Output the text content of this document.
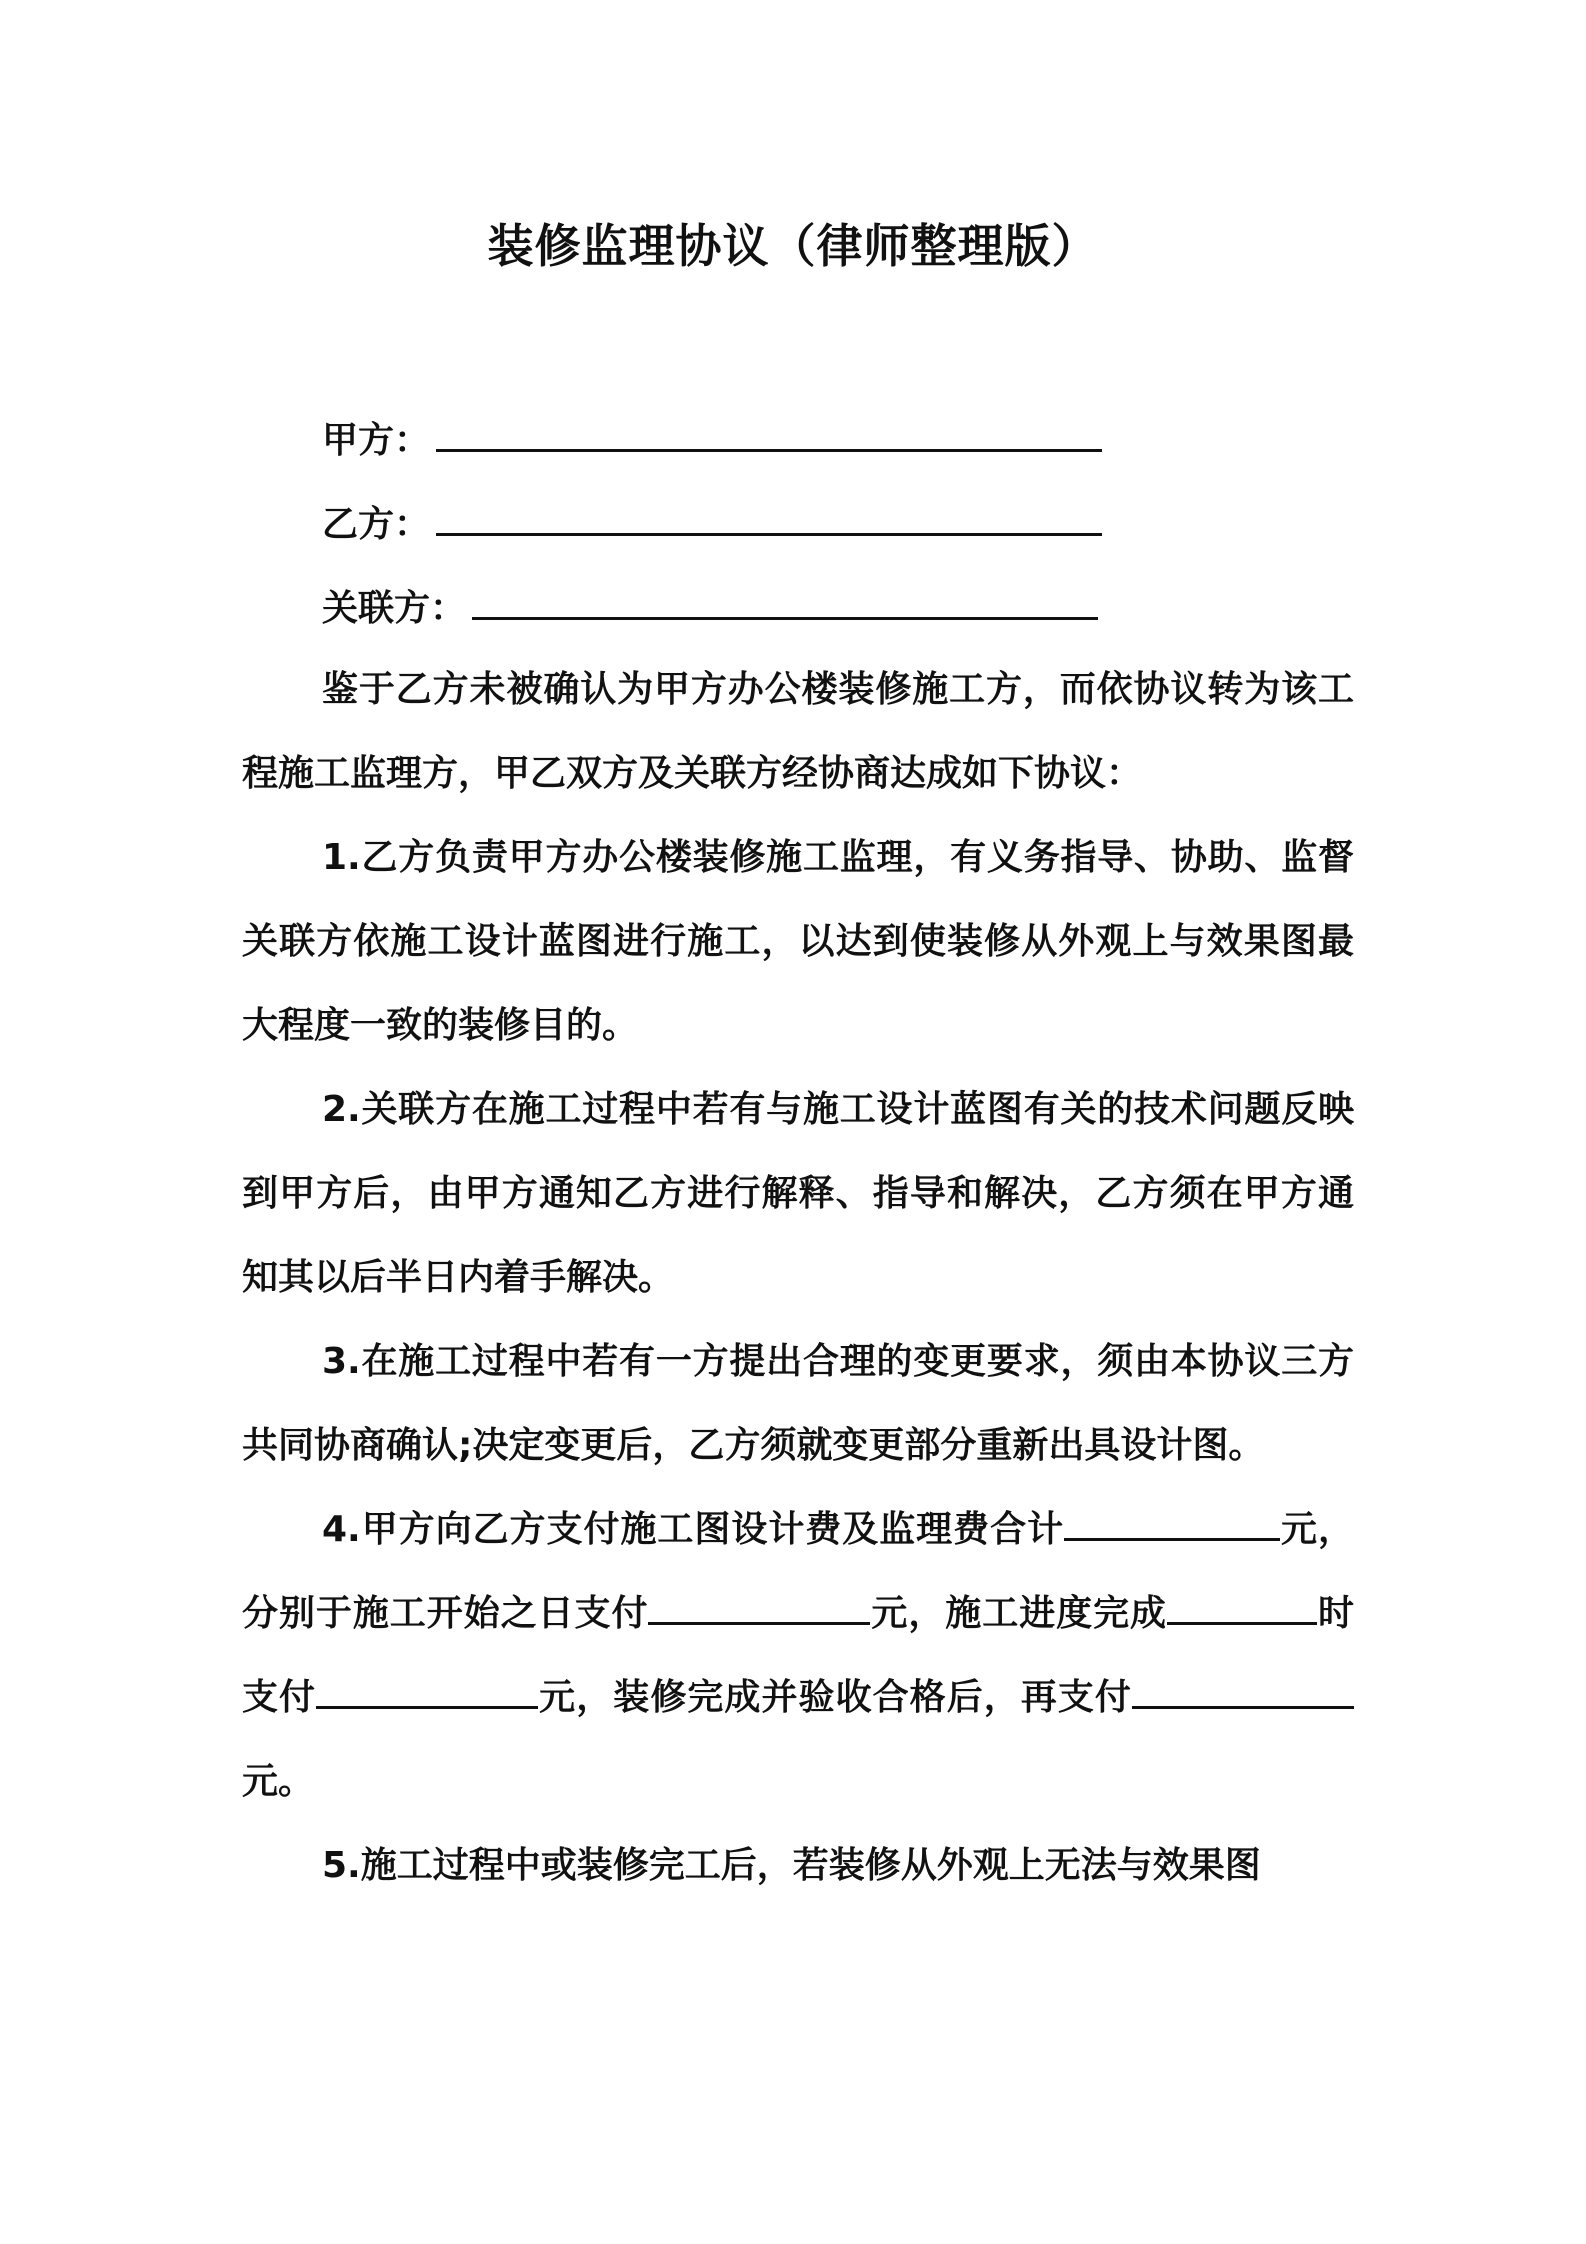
装修监理协议（律师整理版）
甲方：
乙方：
关联方：

鉴于乙方未被确认为甲方办公楼装修施工方，而依协议转为该工程施工监理方，甲乙双方及关联方经协商达成如下协议：

1.乙方负责甲方办公楼装修施工监理，有义务指导、协助、监督关联方依施工设计蓝图进行施工，以达到使装修从外观上与效果图最大程度一致的装修目的。

2.关联方在施工过程中若有与施工设计蓝图有关的技术问题反映到甲方后，由甲方通知乙方进行解释、指导和解决，乙方须在甲方通知其以后半日内着手解决。

3.在施工过程中若有一方提出合理的变更要求，须由本协议三方共同协商确认;决定变更后，乙方须就变更部分重新出具设计图。

4.甲方向乙方支付施工图设计费及监理费合计	元，分别于施工开始之日支付	元，施工进度完成	时支付	元，装修完成并验收合格后，再支付元。

5.施工过程中或装修完工后，若装修从外观上无法与效果图
